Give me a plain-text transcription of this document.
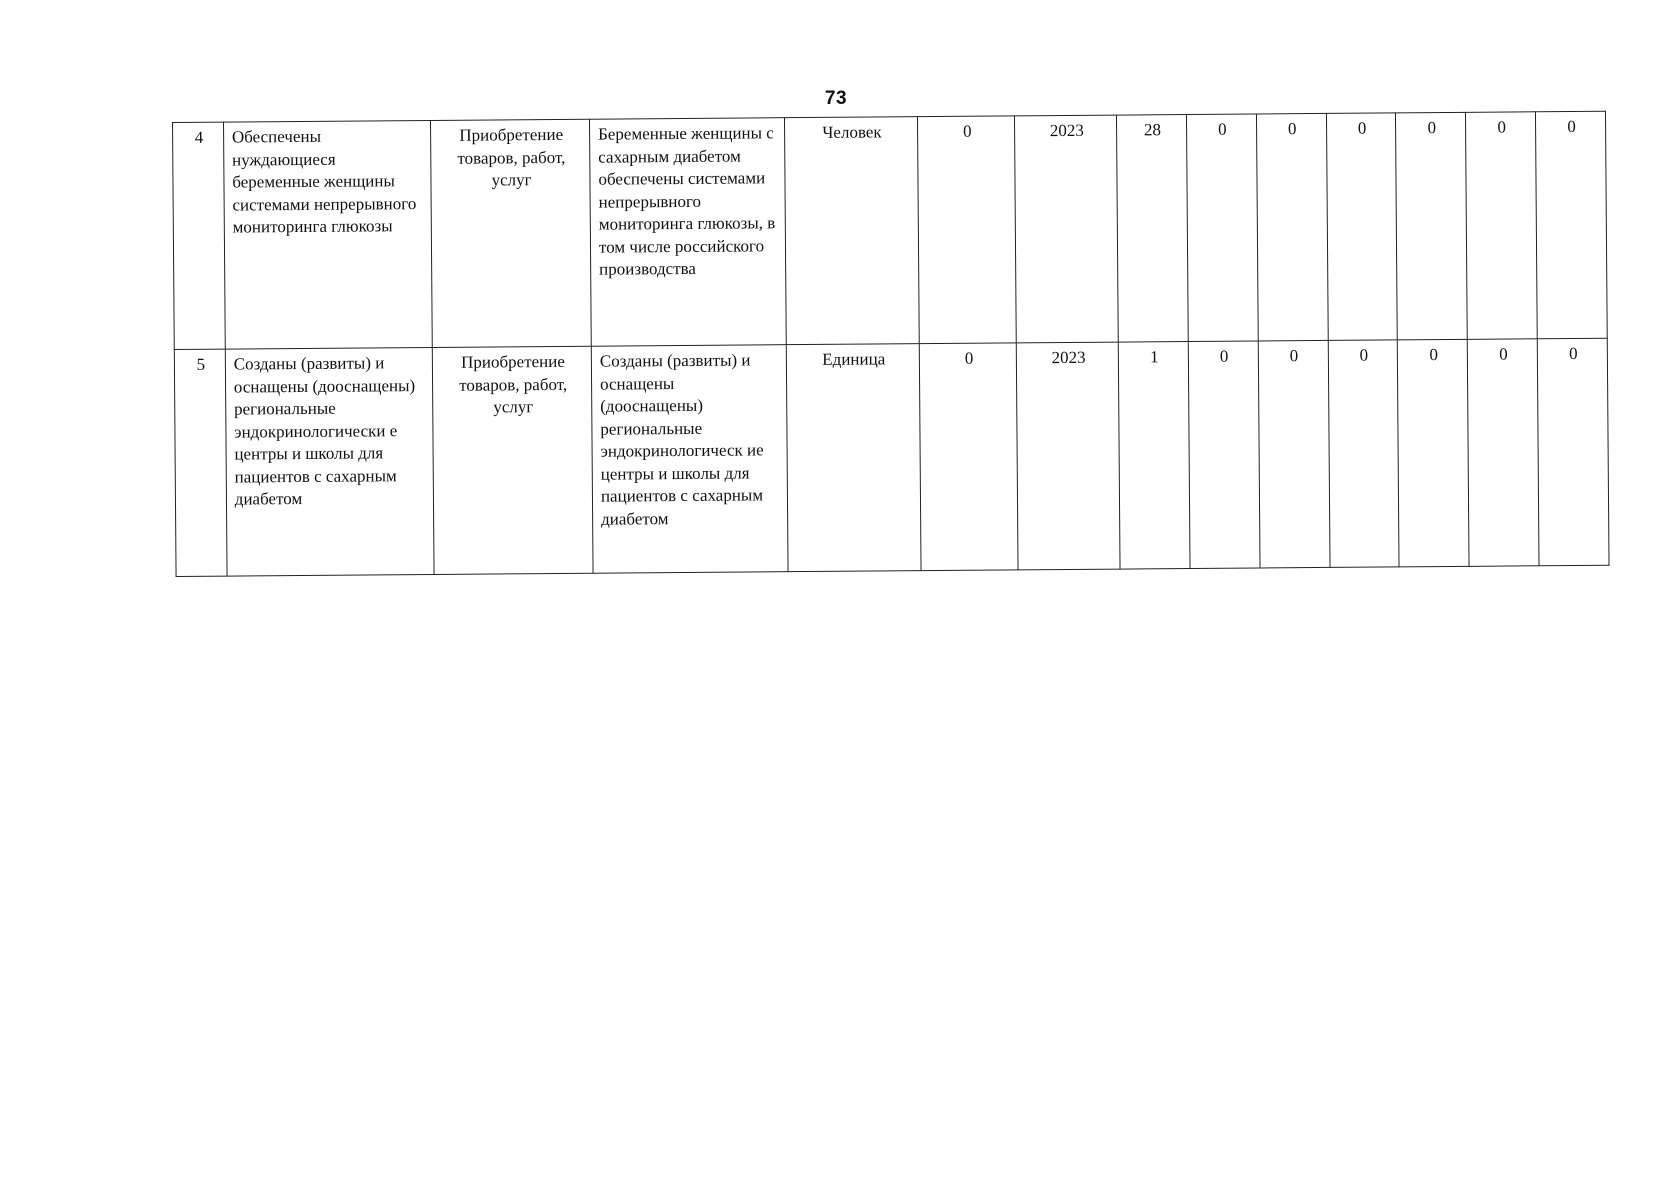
73
4	Обеспечены нуждающиеся беременные женщины системами непрерывного мониторинга глюкозы	Приобретение товаров, работ, услуг	Беременные женщины с сахарным диабетом обеспечены системами непрерывного мониторинга глюкозы, в том числе российского производства	Человек	0	2023	28	0	0	0	0	0	0
5	Созданы (развиты) и оснащены (дооснащены) региональные эндокринологически е центры и школы для пациентов с сахарным диабетом	Приобретение товаров, работ, услуг	Созданы (развиты) и оснащены (дооснащены) региональные эндокринологическ ие центры и школы для пациентов с сахарным диабетом	Единица	0	2023	1	0	0	0	0	0	0
